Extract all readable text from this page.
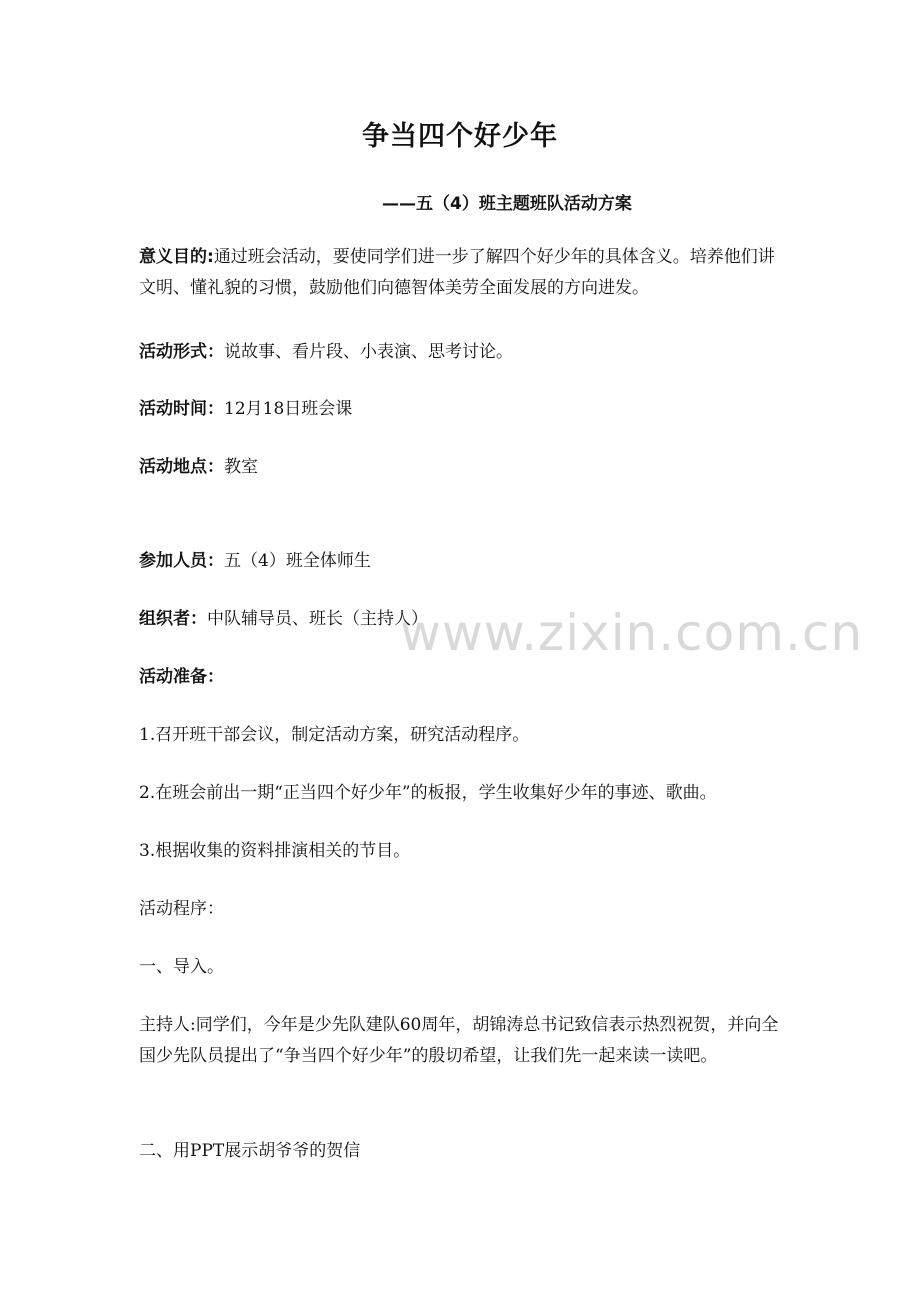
争当四个好少年
——五（4）班主题班队活动方案
意义目的:通过班会活动，要使同学们进一步了解四个好少年的具体含义。培养他们讲文明、懂礼貌的习惯，鼓励他们向德智体美劳全面发展的方向进发。
活动形式：说故事、看片段、小表演、思考讨论。
活动时间：12月18日班会课
活动地点：教室
参加人员：五（4）班全体师生
组织者：中队辅导员、班长（主持人）
活动准备：
1.召开班干部会议，制定活动方案，研究活动程序。
2.在班会前出一期“正当四个好少年”的板报，学生收集好少年的事迹、歌曲。
3.根据收集的资料排演相关的节目。
活动程序：
一、导入。
主持人:同学们，今年是少先队建队60周年，胡锦涛总书记致信表示热烈祝贺，并向全国少先队员提出了“争当四个好少年”的殷切希望，让我们先一起来读一读吧。
二、用PPT展示胡爷爷的贺信
www.zixin.com.cn
